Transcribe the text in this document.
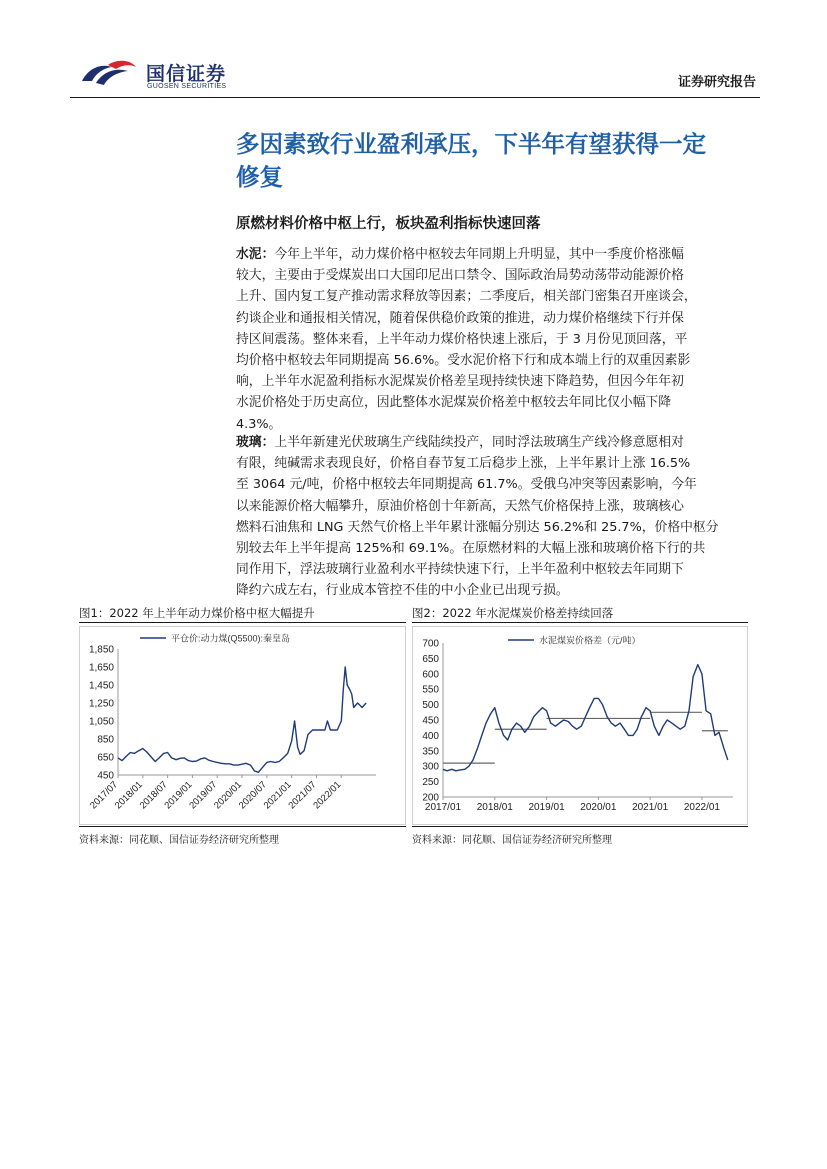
国信证券
GUOSEN SECURITIES	证券研究报告
多因素致行业盈利承压，下半年有望获得一定
修复
原燃材料价格中枢上行，板块盈利指标快速回落
水泥：今年上半年，动力煤价格中枢较去年同期上升明显，其中一季度价格涨幅
较大，主要由于受煤炭出口大国印尼出口禁令、国际政治局势动荡带动能源价格
上升、国内复工复产推动需求释放等因素；二季度后，相关部门密集召开座谈会，
约谈企业和通报相关情况，随着保供稳价政策的推进，动力煤价格继续下行并保
持区间震荡。整体来看，上半年动力煤价格快速上涨后，于 3 月份见顶回落，平
均价格中枢较去年同期提高 56.6%。受水泥价格下行和成本端上行的双重因素影
响，上半年水泥盈利指标水泥煤炭价格差呈现持续快速下降趋势，但因今年年初
水泥价格处于历史高位，因此整体水泥煤炭价格差中枢较去年同比仅小幅下降
4.3%。
玻璃：上半年新建光伏玻璃生产线陆续投产，同时浮法玻璃生产线冷修意愿相对
有限，纯碱需求表现良好，价格自春节复工后稳步上涨，上半年累计上涨 16.5%
至 3064 元/吨，价格中枢较去年同期提高 61.7%。受俄乌冲突等因素影响，今年
以来能源价格大幅攀升，原油价格创十年新高，天然气价格保持上涨，玻璃核心
燃料石油焦和 LNG 天然气价格上半年累计涨幅分别达 56.2%和 25.7%，价格中枢分
别较去年上半年提高 125%和 69.1%。在原燃材料的大幅上涨和玻璃价格下行的共
同作用下，浮法玻璃行业盈利水平持续快速下行，上半年盈利中枢较去年同期下
降约六成左右，行业成本管控不佳的中小企业已出现亏损。
图1：2022 年上半年动力煤价格中枢大幅提升
1,850
1,650
1,450
1,250
1,050
850
650
450
2017/07
2018/01
2018/07
2019/01
2019/07
2020/01
2020/07
2021/01
2021/07
2022/01
平仓价:动力煤(Q5500):秦皇岛
资料来源：同花顺、国信证券经济研究所整理
图2：2022 年水泥煤炭价格差持续回落
700
650
600
550
500
450
400
350
300
250
200
2017/01 2018/01 2019/01 2020/01 2021/01 2022/01
水泥煤炭价格差（元/吨）
资料来源：同花顺、国信证券经济研究所整理
